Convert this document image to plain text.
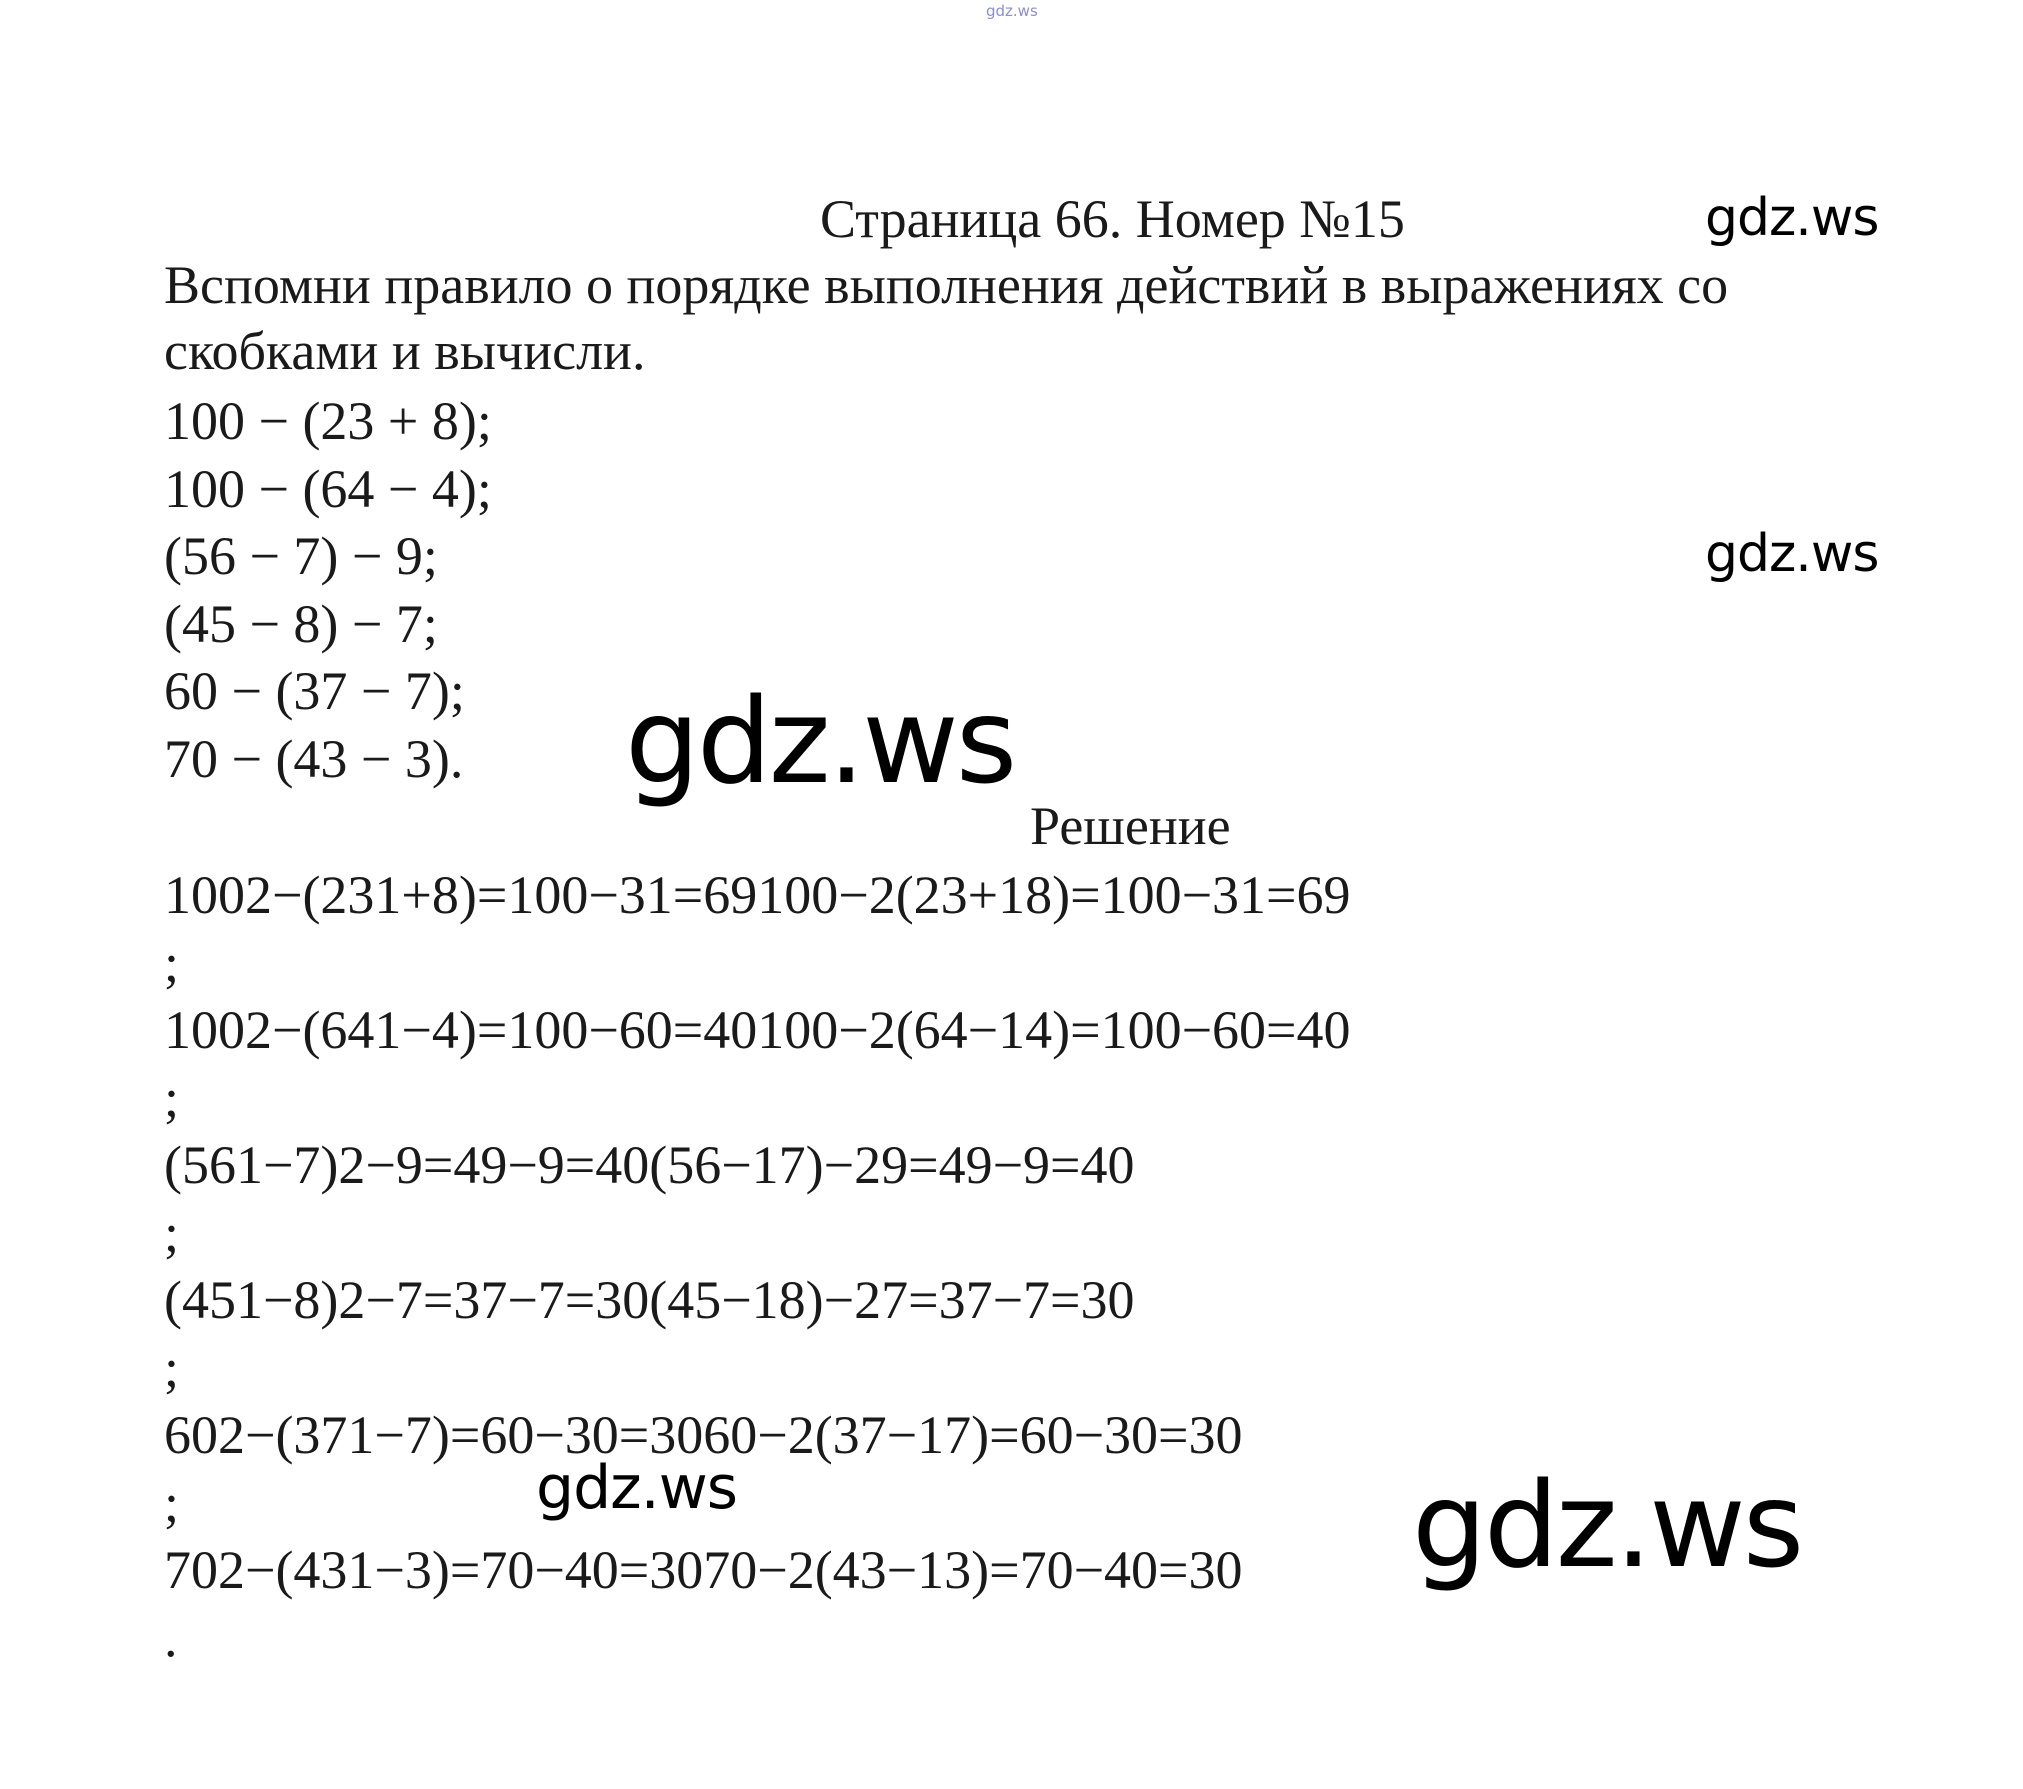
gdz.ws
Страница 66. Номер №15	gdz.ws
Вспомни правило о порядке выполнения действий в выражениях со
скобками и вычисли.
100 − (23 + 8);
100 − (64 − 4);
(56 − 7) − 9;
(45 − 8) − 7;
60 − (37 − 7);
70 − (43 − 3).
gdz.ws
gdz.ws
Решение
1002−(231+8)=100−31=69100−2(23+18)=100−31=69
;
1002−(641−4)=100−60=40100−2(64−14)=100−60=40
;
(561−7)2−9=49−9=40(56−17)−29=49−9=40
;
(451−8)2−7=37−7=30(45−18)−27=37−7=30
;
602−(371−7)=60−30=3060−2(37−17)=60−30=30
;
702−(431−3)=70−40=3070−2(43−13)=70−40=30
.
gdz.ws	gdz.ws
